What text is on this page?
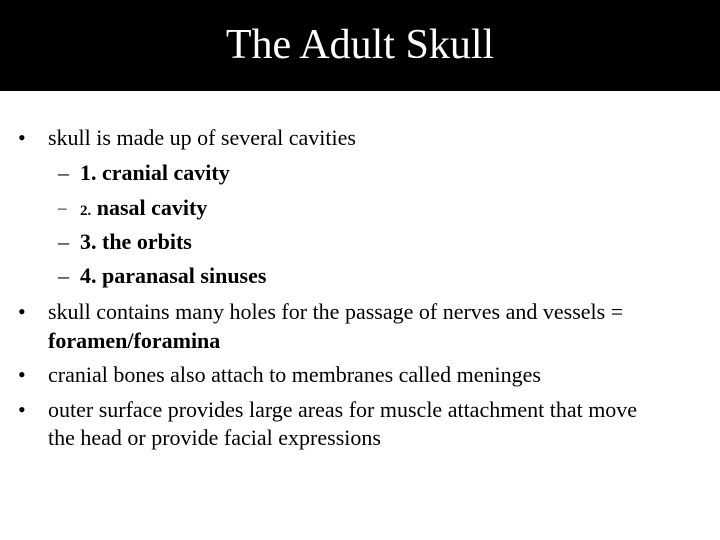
The Adult Skull
• skull is made up of several cavities
– 1. cranial cavity
– 2. nasal cavity
– 3. the orbits
– 4. paranasal sinuses
• skull contains many holes for the passage of nerves and vessels =
foramen/foramina
• cranial bones also attach to membranes called meninges
• outer surface provides large areas for muscle attachment that move
the head or provide facial expressions
